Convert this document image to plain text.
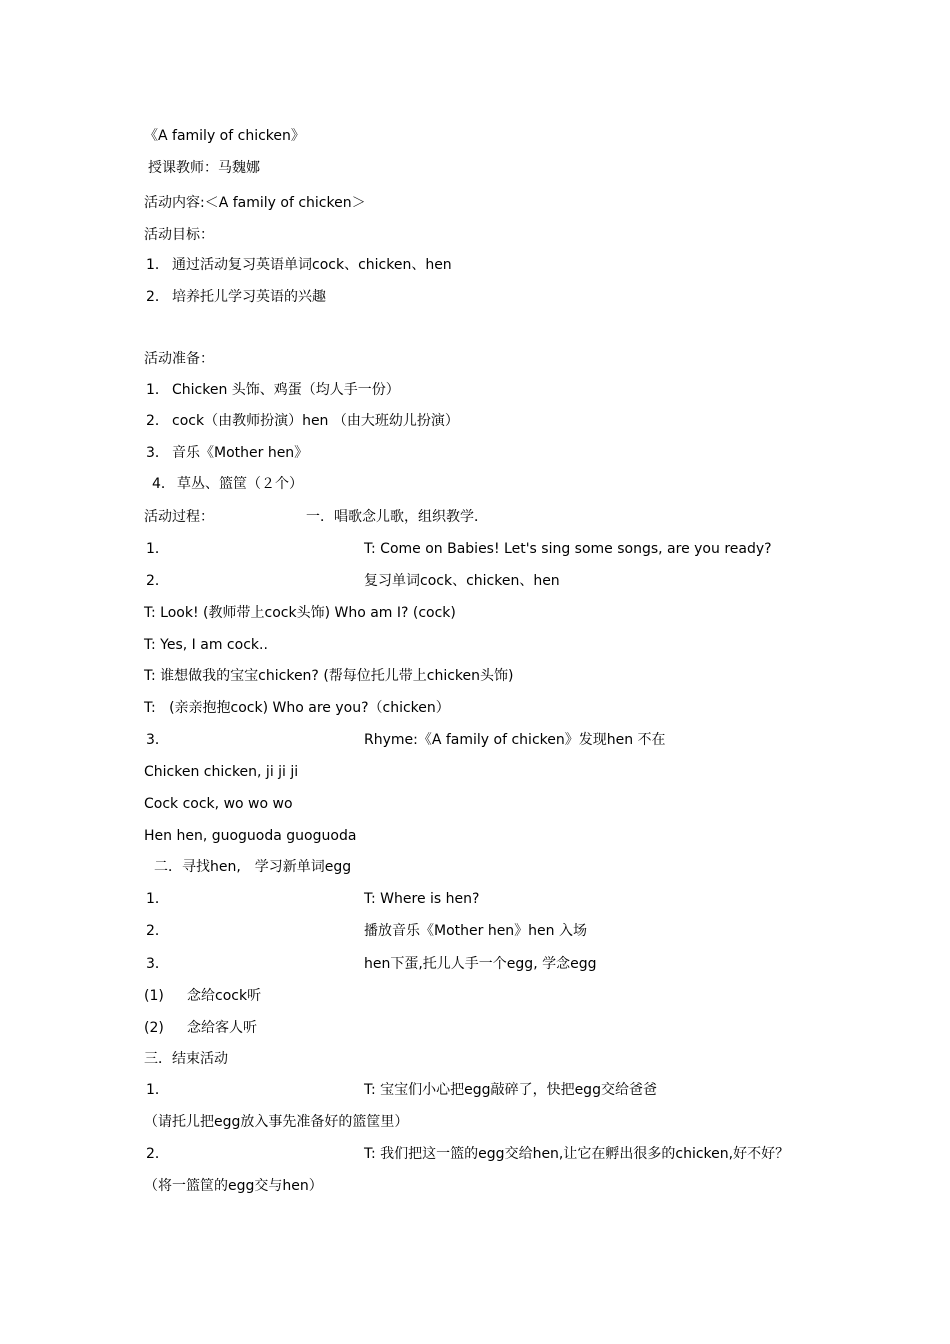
《A family of chicken》
授课教师：马魏娜
活动内容:＜A family of chicken＞
活动目标：
1． 通过活动复习英语单词cock、chicken、hen
2． 培养托儿学习英语的兴趣
活动准备：
1． Chicken 头饰、鸡蛋（均人手一份）
2． cock（由教师扮演）hen （由大班幼儿扮演）
3． 音乐《Mother hen》
4． 草丛、篮筐（２个）
活动过程：	一．唱歌念儿歌，组织教学．
1．	T: Come on Babies! Let's sing some songs, are you ready?
2．	复习单词cock、chicken、hen
T: Look! (教师带上cock头饰) Who am I? (cock)
T: Yes, I am cock..
T: 谁想做我的宝宝chicken? (帮每位托儿带上chicken头饰)
T:   (亲亲抱抱cock) Who are you?（chicken）
3．	Rhyme:《A family of chicken》发现hen 不在
Chicken chicken, ji ji ji
Cock cock, wo wo wo
Hen hen, guoguoda guoguoda
二．寻找hen,　学习新单词egg
1．	T: Where is hen?
2．	播放音乐《Mother hen》hen 入场
3．	hen下蛋,托儿人手一个egg, 学念egg
(1) 念给cock听
(2) 念给客人听
三．结束活动
1．	T: 宝宝们小心把egg敲碎了，快把egg交给爸爸
（请托儿把egg放入事先准备好的篮筐里）
2．	T: 我们把这一篮的egg交给hen,让它在孵出很多的chicken,好不好？
（将一篮筐的egg交与hen）
